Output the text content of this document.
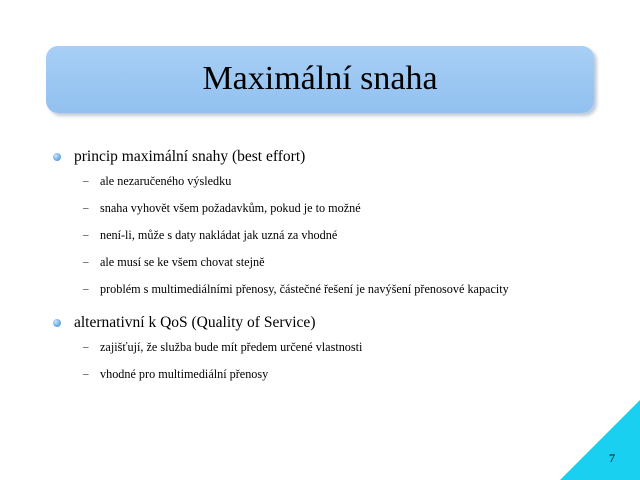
Maximální snaha
princip maximální snahy (best effort)
– ale nezaručeného výsledku
– snaha vyhovět všem požadavkům, pokud je to možné
– není-li, může s daty nakládat jak uzná za vhodné
– ale musí se ke všem chovat stejně
– problém s multimediálními přenosy, částečné řešení je navýšení přenosové kapacity
alternativní k QoS (Quality of Service)
– zajišťují, že služba bude mít předem určené vlastnosti
– vhodné pro multimediální přenosy
7
